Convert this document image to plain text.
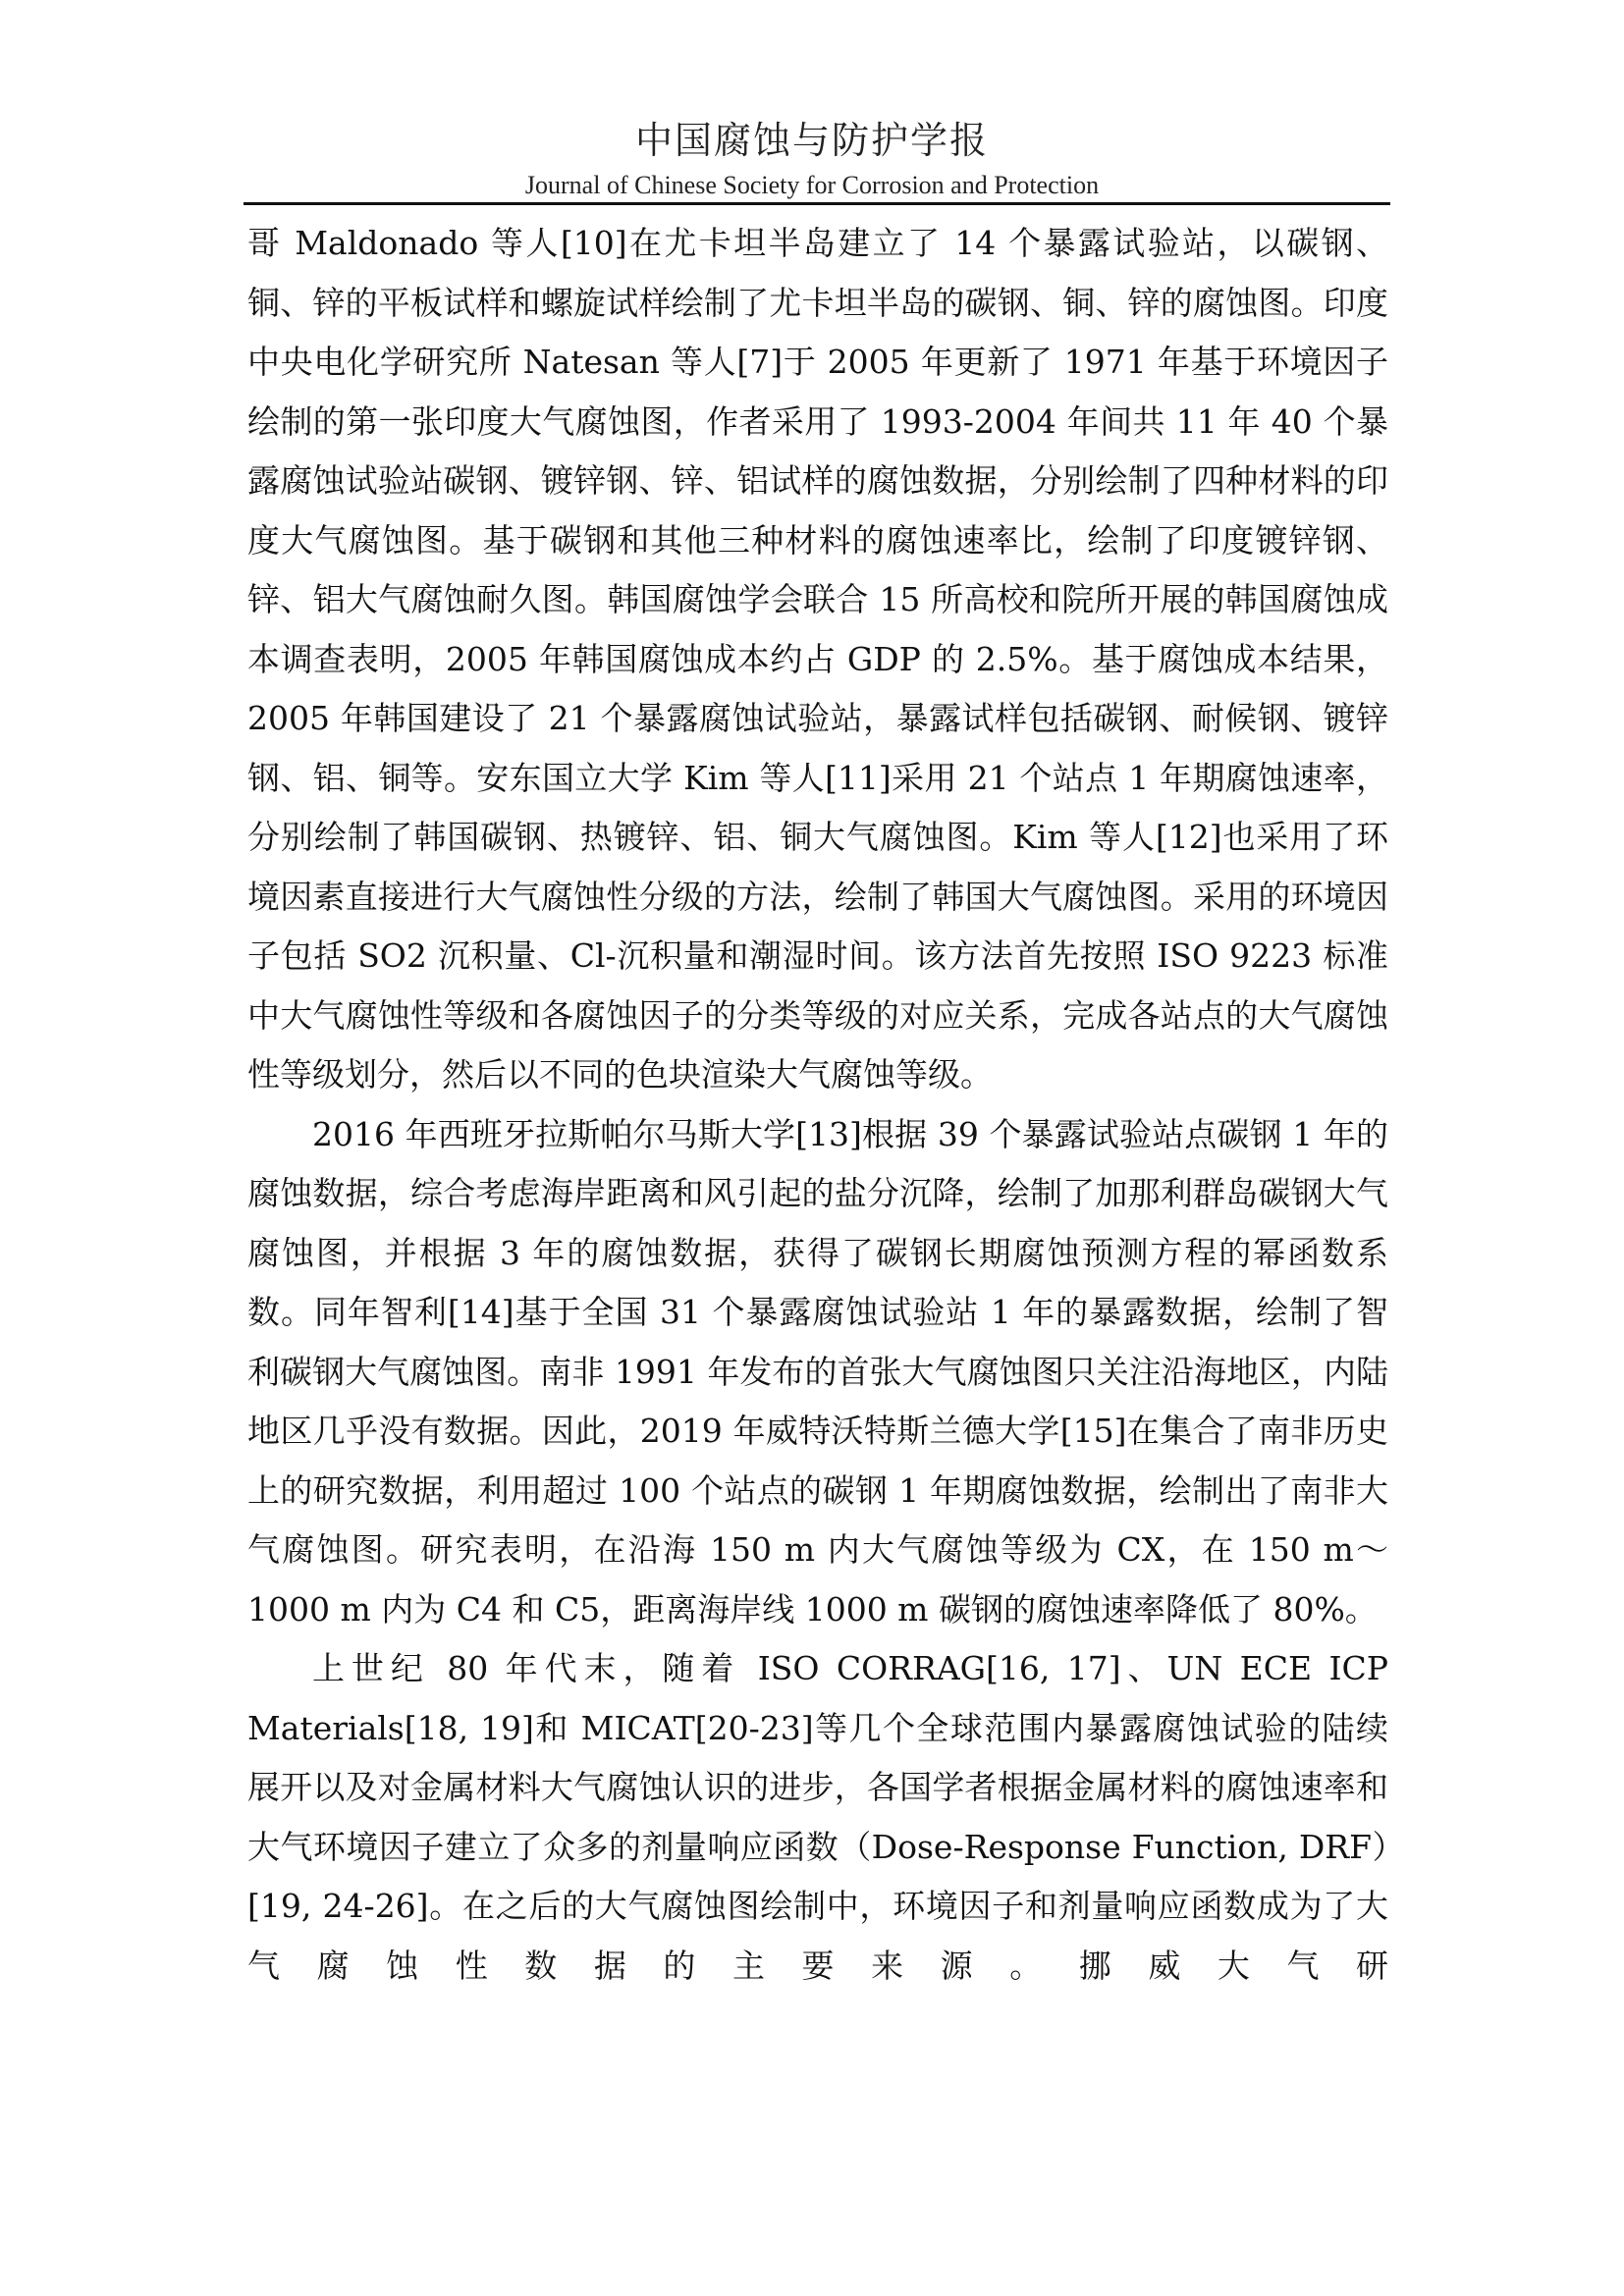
中国腐蚀与防护学报
Journal of Chinese Society for Corrosion and Protection

哥 Maldonado 等人[10]在尤卡坦半岛建立了 14 个暴露试验站，以碳钢、铜、锌的平板试样和螺旋试样绘制了尤卡坦半岛的碳钢、铜、锌的腐蚀图。印度中央电化学研究所 Natesan 等人[7]于 2005 年更新了 1971 年基于环境因子绘制的第一张印度大气腐蚀图，作者采用了 1993-2004 年间共 11 年 40 个暴露腐蚀试验站碳钢、镀锌钢、锌、铝试样的腐蚀数据，分别绘制了四种材料的印度大气腐蚀图。基于碳钢和其他三种材料的腐蚀速率比，绘制了印度镀锌钢、锌、铝大气腐蚀耐久图。韩国腐蚀学会联合 15 所高校和院所开展的韩国腐蚀成本调查表明，2005 年韩国腐蚀成本约占 GDP 的 2.5%。基于腐蚀成本结果，2005 年韩国建设了 21 个暴露腐蚀试验站，暴露试样包括碳钢、耐候钢、镀锌钢、铝、铜等。安东国立大学 Kim 等人[11]采用 21 个站点 1 年期腐蚀速率，分别绘制了韩国碳钢、热镀锌、铝、铜大气腐蚀图。Kim 等人[12]也采用了环境因素直接进行大气腐蚀性分级的方法，绘制了韩国大气腐蚀图。采用的环境因子包括 SO2 沉积量、Cl-沉积量和潮湿时间。该方法首先按照 ISO 9223 标准中大气腐蚀性等级和各腐蚀因子的分类等级的对应关系，完成各站点的大气腐蚀性等级划分，然后以不同的色块渲染大气腐蚀等级。

2016 年西班牙拉斯帕尔马斯大学[13]根据 39 个暴露试验站点碳钢 1 年的腐蚀数据，综合考虑海岸距离和风引起的盐分沉降，绘制了加那利群岛碳钢大气腐蚀图，并根据 3 年的腐蚀数据，获得了碳钢长期腐蚀预测方程的幂函数系数。同年智利[14]基于全国 31 个暴露腐蚀试验站 1 年的暴露数据，绘制了智利碳钢大气腐蚀图。南非 1991 年发布的首张大气腐蚀图只关注沿海地区，内陆地区几乎没有数据。因此，2019 年威特沃特斯兰德大学[15]在集合了南非历史上的研究数据，利用超过 100 个站点的碳钢 1 年期腐蚀数据，绘制出了南非大气腐蚀图。研究表明，在沿海 150 m 内大气腐蚀等级为 CX，在 150 m～1000 m 内为 C4 和 C5，距离海岸线 1000 m 碳钢的腐蚀速率降低了 80%。

上世纪 80 年代末，随着 ISO CORRAG[16, 17]、UN ECE ICP Materials[18, 19]和 MICAT[20-23]等几个全球范围内暴露腐蚀试验的陆续展开以及对金属材料大气腐蚀认识的进步，各国学者根据金属材料的腐蚀速率和大气环境因子建立了众多的剂量响应函数（Dose-Response Function, DRF）[19, 24-26]。在之后的大气腐蚀图绘制中，环境因子和剂量响应函数成为了大气腐蚀性数据的主要来源。挪威大气研
